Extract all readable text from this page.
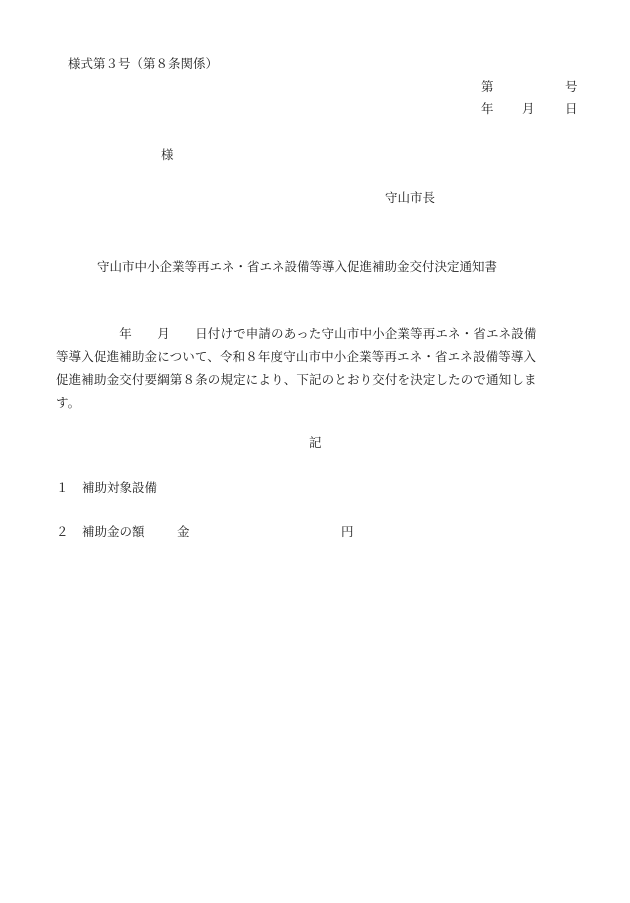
様式第３号（第８条関係）
第	号
年 月 日
様
守山市長
守山市中小企業等再エネ・省エネ設備等導入促進補助金交付決定通知書
　　　　　年　　月　　日付けで申請のあった守山市中小企業等再エネ・省エネ設備
等導入促進補助金について、令和８年度守山市中小企業等再エネ・省エネ設備等導入
促進補助金交付要綱第８条の規定により、下記のとおり交付を決定したので通知しま
す。
記
１ 補助対象設備
２ 補助金の額	金	円
